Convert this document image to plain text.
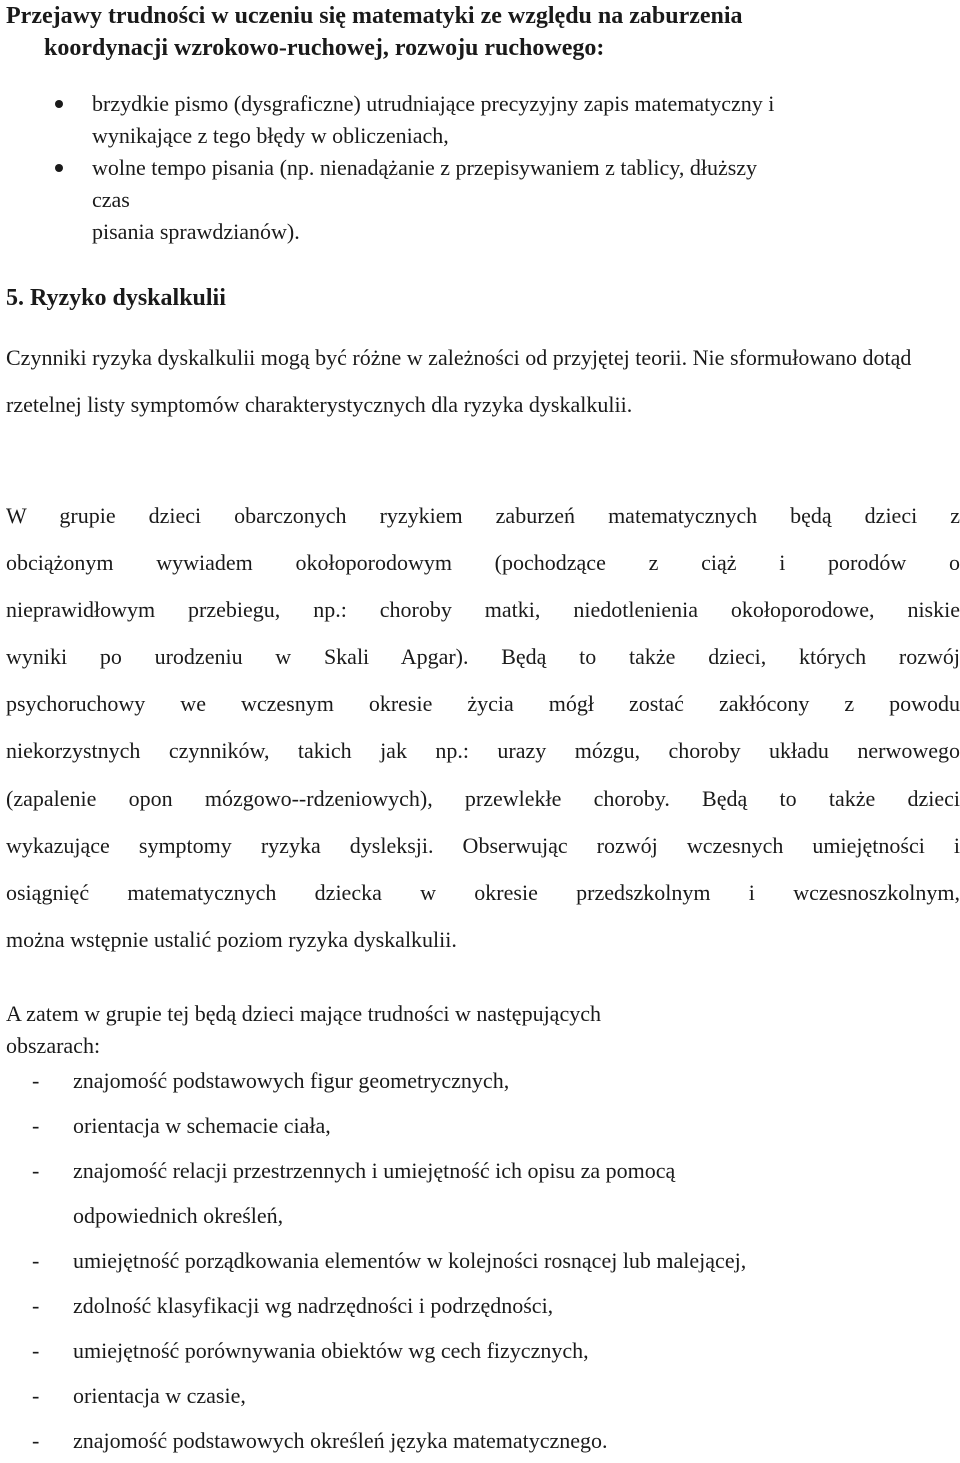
Przejawy trudności w uczeniu się matematyki ze względu na zaburzenia
koordynacji wzrokowo-ruchowej, rozwoju ruchowego:
brzydkie pismo (dysgraficzne) utrudniające precyzyjny zapis matematyczny i
wynikające z tego błędy w obliczeniach,
wolne tempo pisania (np. nienadążanie z przepisywaniem z tablicy, dłuższy
czas
pisania sprawdzianów).
5. Ryzyko dyskalkulii

Czynniki ryzyka dyskalkulii mogą być różne w zależności od przyjętej teorii. Nie sformułowano dotąd rzetelnej listy symptomów charakterystycznych dla ryzyka dyskalkulii.

W grupie dzieci obarczonych ryzykiem zaburzeń matematycznych będą dzieci z
obciążonym wywiadem okołoporodowym (pochodzące z ciąż i porodów o
nieprawidłowym przebiegu, np.: choroby matki, niedotlenienia okołoporodowe, niskie
wyniki po urodzeniu w Skali Apgar). Będą to także dzieci, których rozwój
psychoruchowy we wczesnym okresie życia mógł zostać zakłócony z powodu
niekorzystnych czynników, takich jak np.: urazy mózgu, choroby układu nerwowego
(zapalenie opon mózgowo--rdzeniowych), przewlekłe choroby. Będą to także dzieci
wykazujące symptomy ryzyka dysleksji. Obserwując rozwój wczesnych umiejętności i
osiągnięć matematycznych dziecka w okresie przedszkolnym i wczesnoszkolnym,
można wstępnie ustalić poziom ryzyka dyskalkulii.

A zatem w grupie tej będą dzieci mające trudności w następujących
obszarach:

- znajomość podstawowych figur geometrycznych,
- orientacja w schemacie ciała,
- znajomość relacji przestrzennych i umiejętność ich opisu za pomocą
odpowiednich określeń,
- umiejętność porządkowania elementów w kolejności rosnącej lub malejącej,
- zdolność klasyfikacji wg nadrzędności i podrzędności,
- umiejętność porównywania obiektów wg cech fizycznych,
- orientacja w czasie,
- znajomość podstawowych określeń języka matematycznego.
